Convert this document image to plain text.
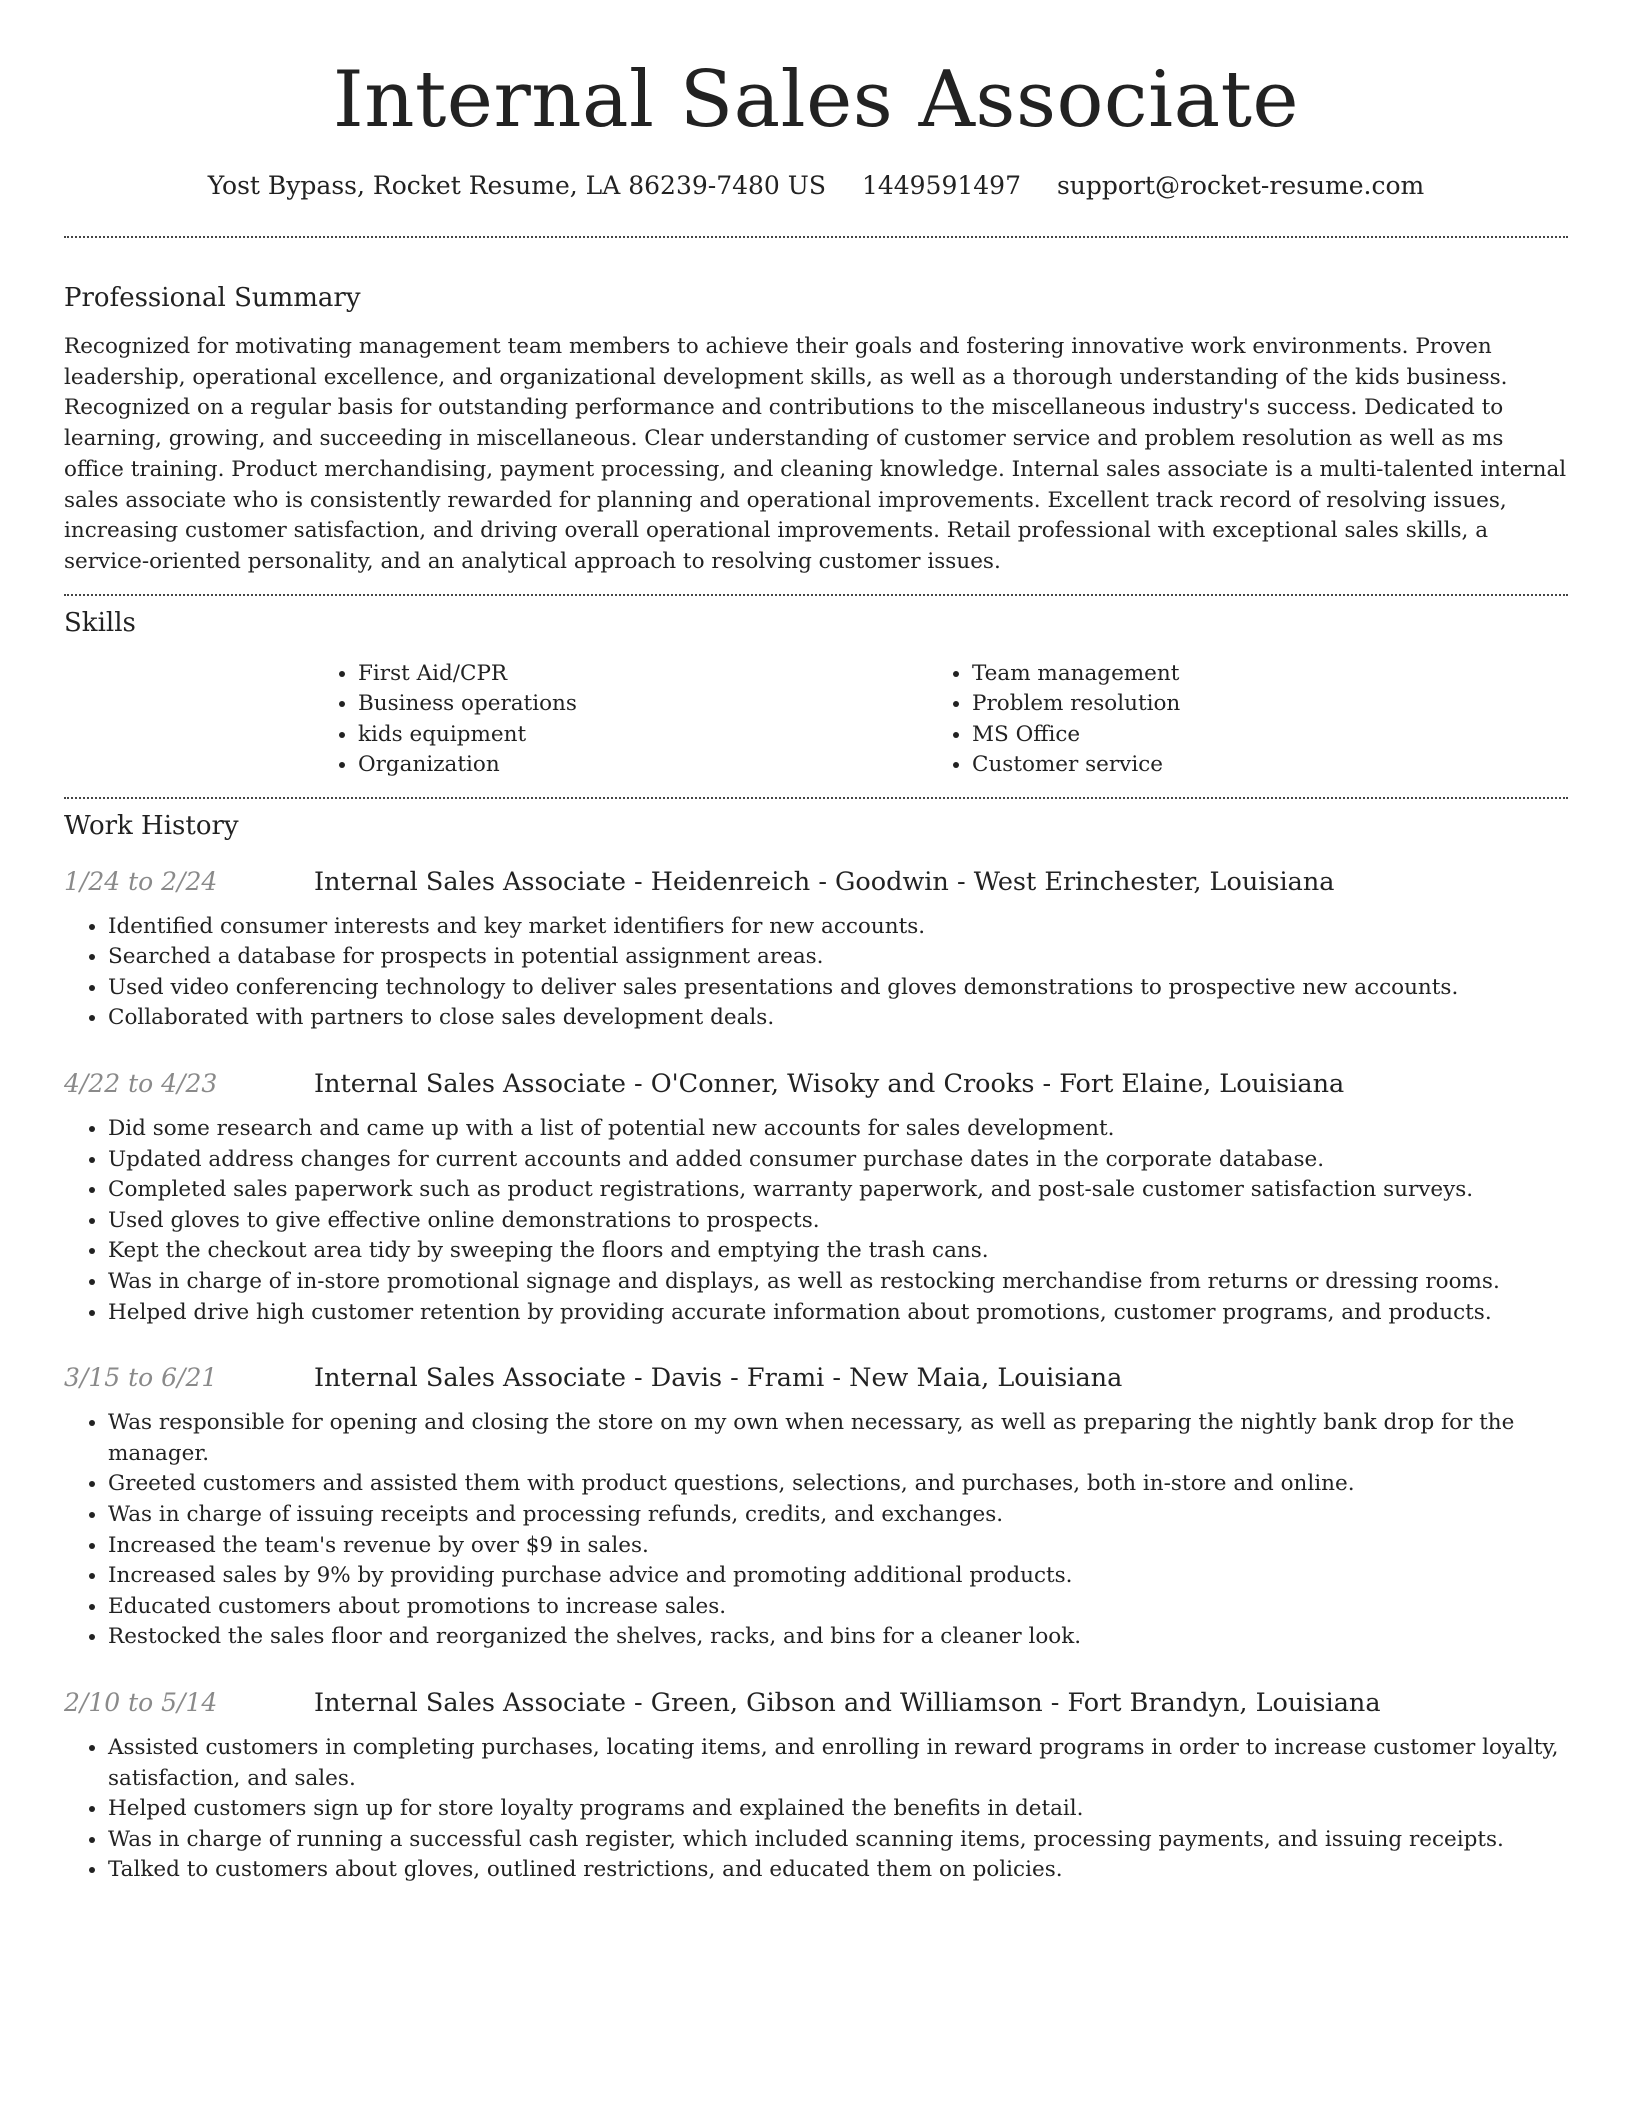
Internal Sales Associate
Yost Bypass, Rocket Resume, LA 86239-7480 US 1449591497 support@rocket-resume.com
Professional Summary

Recognized for motivating management team members to achieve their goals and fostering innovative work environments. Proven leadership, operational excellence, and organizational development skills, as well as a thorough understanding of the kids business. Recognized on a regular basis for outstanding performance and contributions to the miscellaneous industry's success. Dedicated to learning, growing, and succeeding in miscellaneous. Clear understanding of customer service and problem resolution as well as ms office training. Product merchandising, payment processing, and cleaning knowledge. Internal sales associate is a multi-talented internal sales associate who is consistently rewarded for planning and operational improvements. Excellent track record of resolving issues, increasing customer satisfaction, and driving overall operational improvements. Retail professional with exceptional sales skills, a service-oriented personality, and an analytical approach to resolving customer issues.

Skills
• First Aid/CPR
• Business operations
• kids equipment
• Organization
• Team management
• Problem resolution
• MS Office
• Customer service
Work History
1/24 to 2/24	Internal Sales Associate - Heidenreich - Goodwin - West Erinchester, Louisiana
• Identified consumer interests and key market identifiers for new accounts.
• Searched a database for prospects in potential assignment areas.
• Used video conferencing technology to deliver sales presentations and gloves demonstrations to prospective new accounts.
• Collaborated with partners to close sales development deals.
4/22 to 4/23	Internal Sales Associate - O'Conner, Wisoky and Crooks - Fort Elaine, Louisiana
• Did some research and came up with a list of potential new accounts for sales development.
• Updated address changes for current accounts and added consumer purchase dates in the corporate database.
• Completed sales paperwork such as product registrations, warranty paperwork, and post-sale customer satisfaction surveys.
• Used gloves to give effective online demonstrations to prospects.
• Kept the checkout area tidy by sweeping the floors and emptying the trash cans.
• Was in charge of in-store promotional signage and displays, as well as restocking merchandise from returns or dressing rooms.
• Helped drive high customer retention by providing accurate information about promotions, customer programs, and products.
3/15 to 6/21	Internal Sales Associate - Davis - Frami - New Maia, Louisiana
• Was responsible for opening and closing the store on my own when necessary, as well as preparing the nightly bank drop for the manager.
• Greeted customers and assisted them with product questions, selections, and purchases, both in-store and online.
• Was in charge of issuing receipts and processing refunds, credits, and exchanges.
• Increased the team's revenue by over $9 in sales.
• Increased sales by 9% by providing purchase advice and promoting additional products.
• Educated customers about promotions to increase sales.
• Restocked the sales floor and reorganized the shelves, racks, and bins for a cleaner look.
2/10 to 5/14	Internal Sales Associate - Green, Gibson and Williamson - Fort Brandyn, Louisiana
• Assisted customers in completing purchases, locating items, and enrolling in reward programs in order to increase customer loyalty, satisfaction, and sales.
• Helped customers sign up for store loyalty programs and explained the benefits in detail.
• Was in charge of running a successful cash register, which included scanning items, processing payments, and issuing receipts.
• Talked to customers about gloves, outlined restrictions, and educated them on policies.
